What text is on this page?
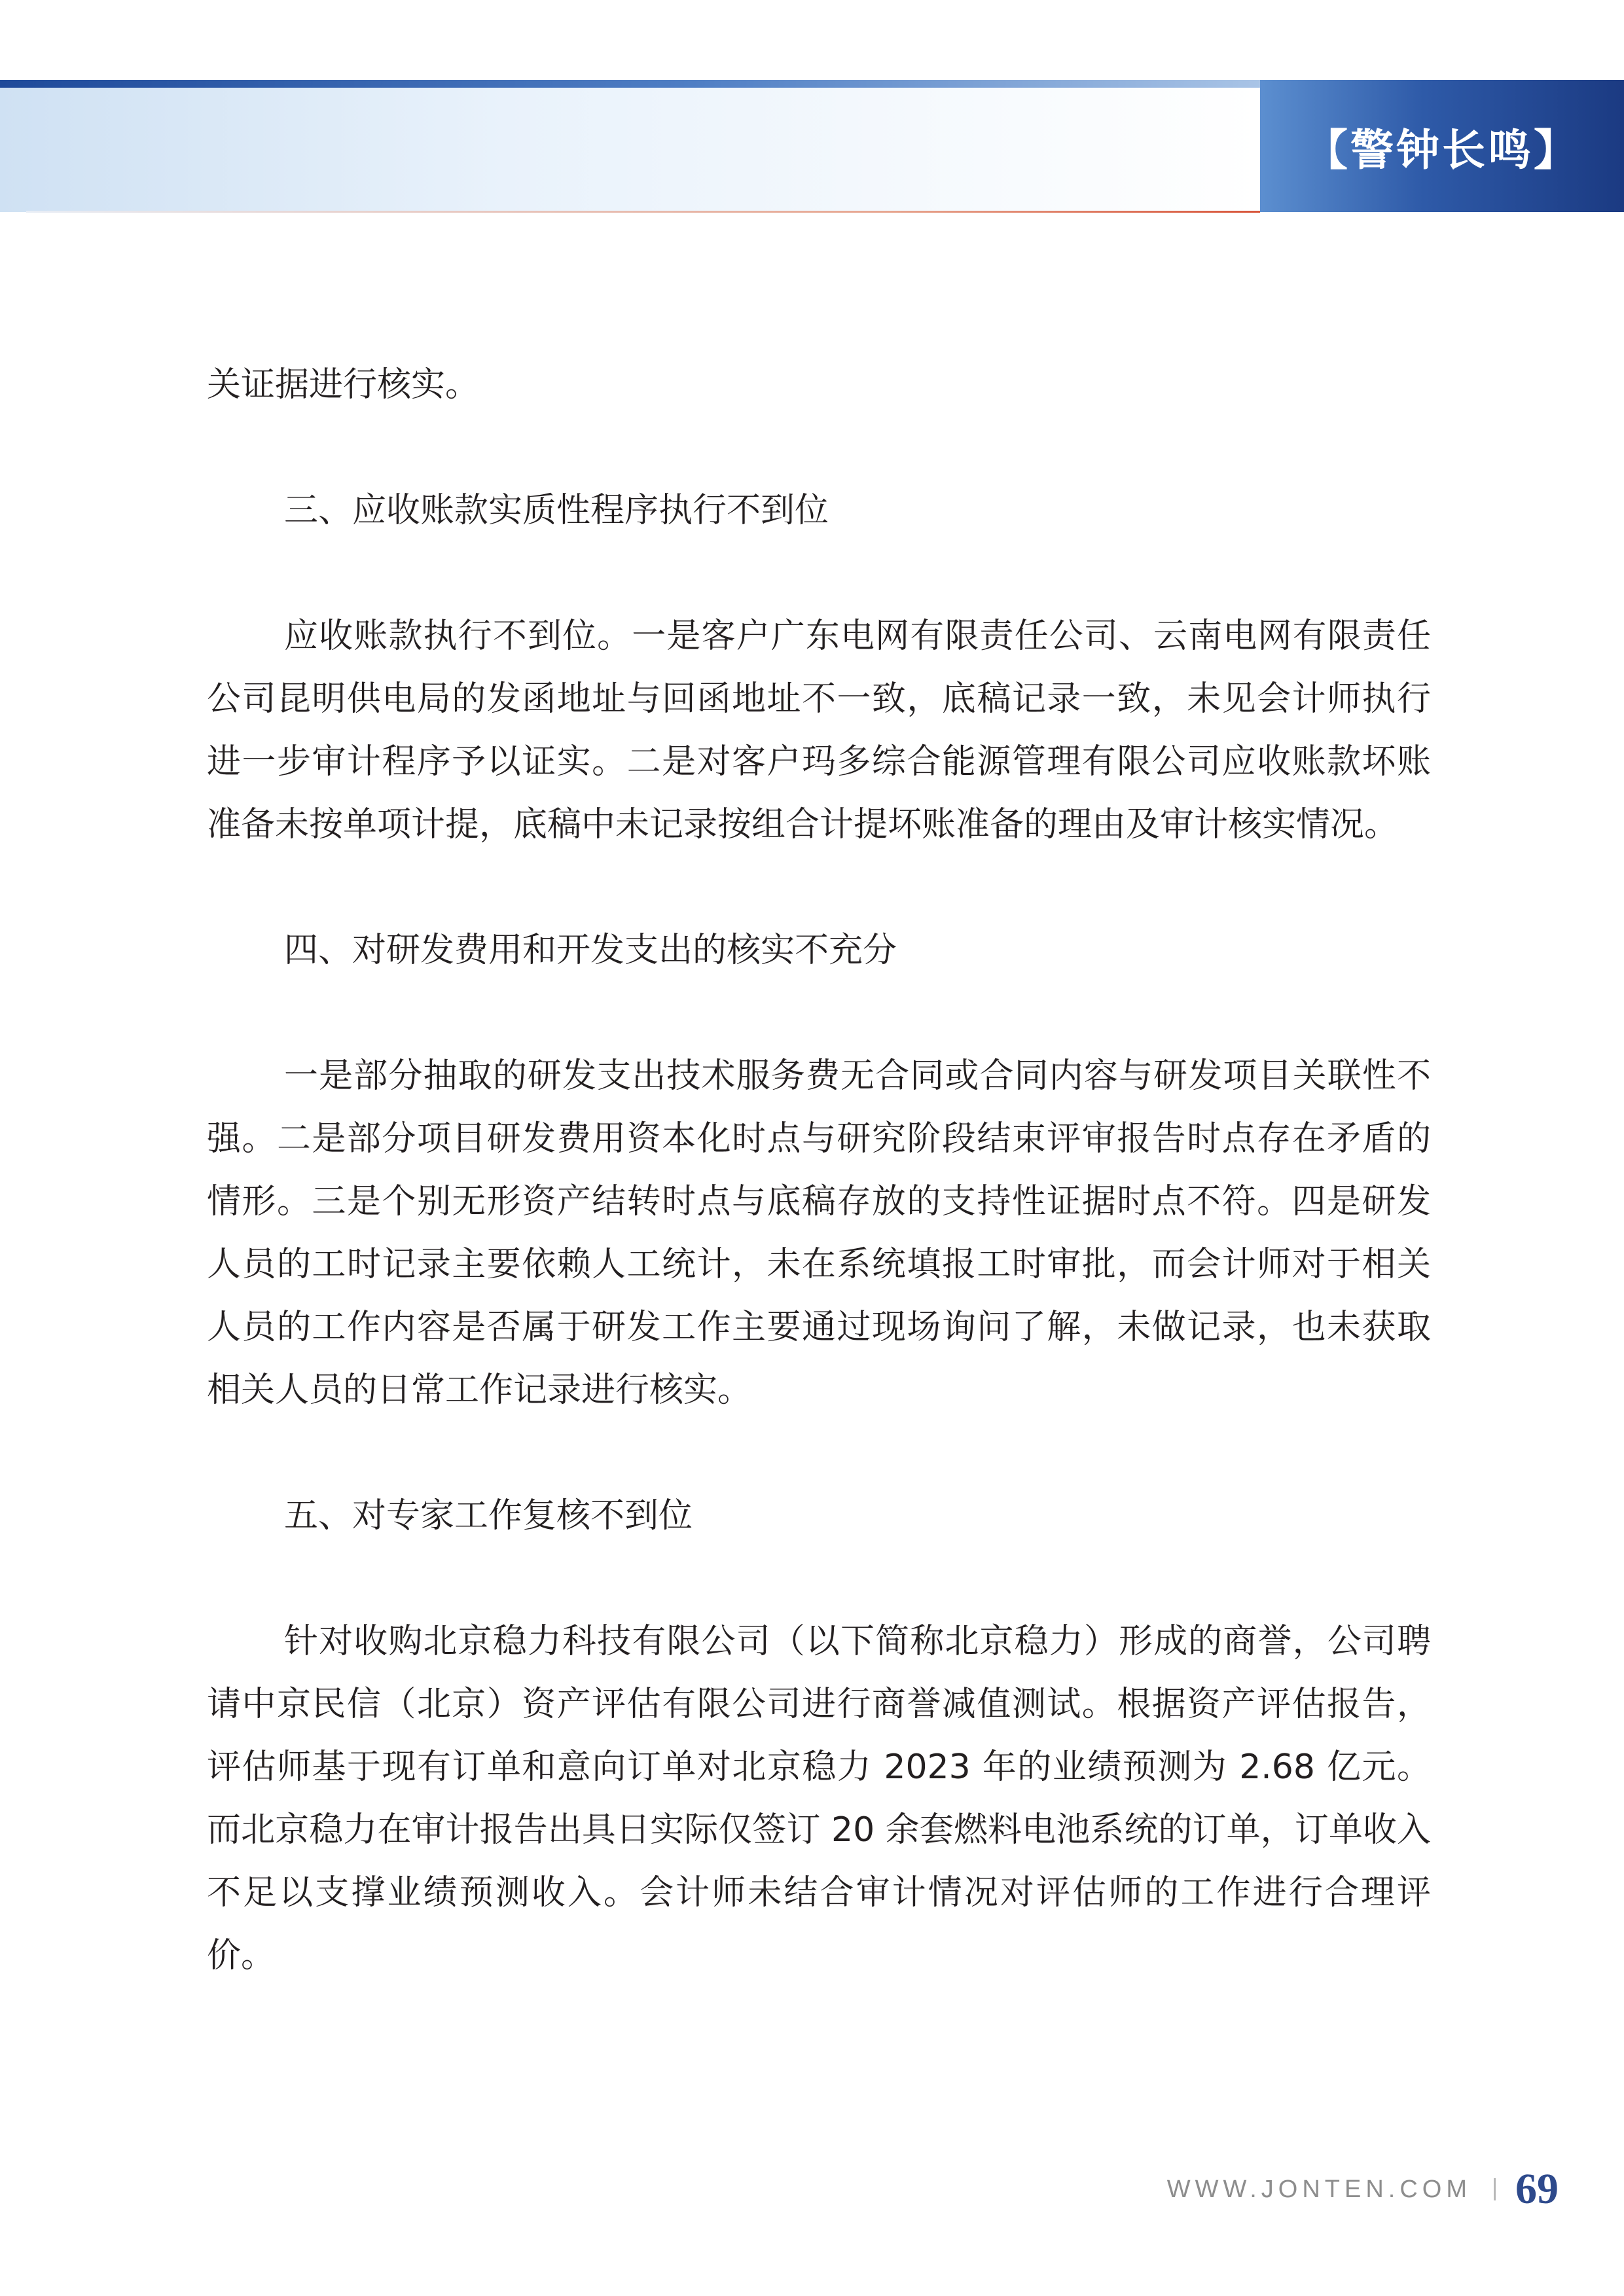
【警钟长鸣】

关证据进行核实。

三、应收账款实质性程序执行不到位

应收账款执行不到位。一是客户广东电网有限责任公司、云南电网有限责任公司昆明供电局的发函地址与回函地址不一致，底稿记录一致，未见会计师执行进一步审计程序予以证实。二是对客户玛多综合能源管理有限公司应收账款坏账准备未按单项计提，底稿中未记录按组合计提坏账准备的理由及审计核实情况。

四、对研发费用和开发支出的核实不充分

一是部分抽取的研发支出技术服务费无合同或合同内容与研发项目关联性不强。二是部分项目研发费用资本化时点与研究阶段结束评审报告时点存在矛盾的情形。三是个别无形资产结转时点与底稿存放的支持性证据时点不符。四是研发人员的工时记录主要依赖人工统计，未在系统填报工时审批，而会计师对于相关人员的工作内容是否属于研发工作主要通过现场询问了解，未做记录，也未获取相关人员的日常工作记录进行核实。

五、对专家工作复核不到位

针对收购北京稳力科技有限公司（以下简称北京稳力）形成的商誉，公司聘请中京民信（北京）资产评估有限公司进行商誉减值测试。根据资产评估报告，评估师基于现有订单和意向订单对北京稳力 2023 年的业绩预测为 2.68 亿元。而北京稳力在审计报告出具日实际仅签订 20 余套燃料电池系统的订单，订单收入不足以支撑业绩预测收入。会计师未结合审计情况对评估师的工作进行合理评价。

WWW.JONTEN.COM 69
